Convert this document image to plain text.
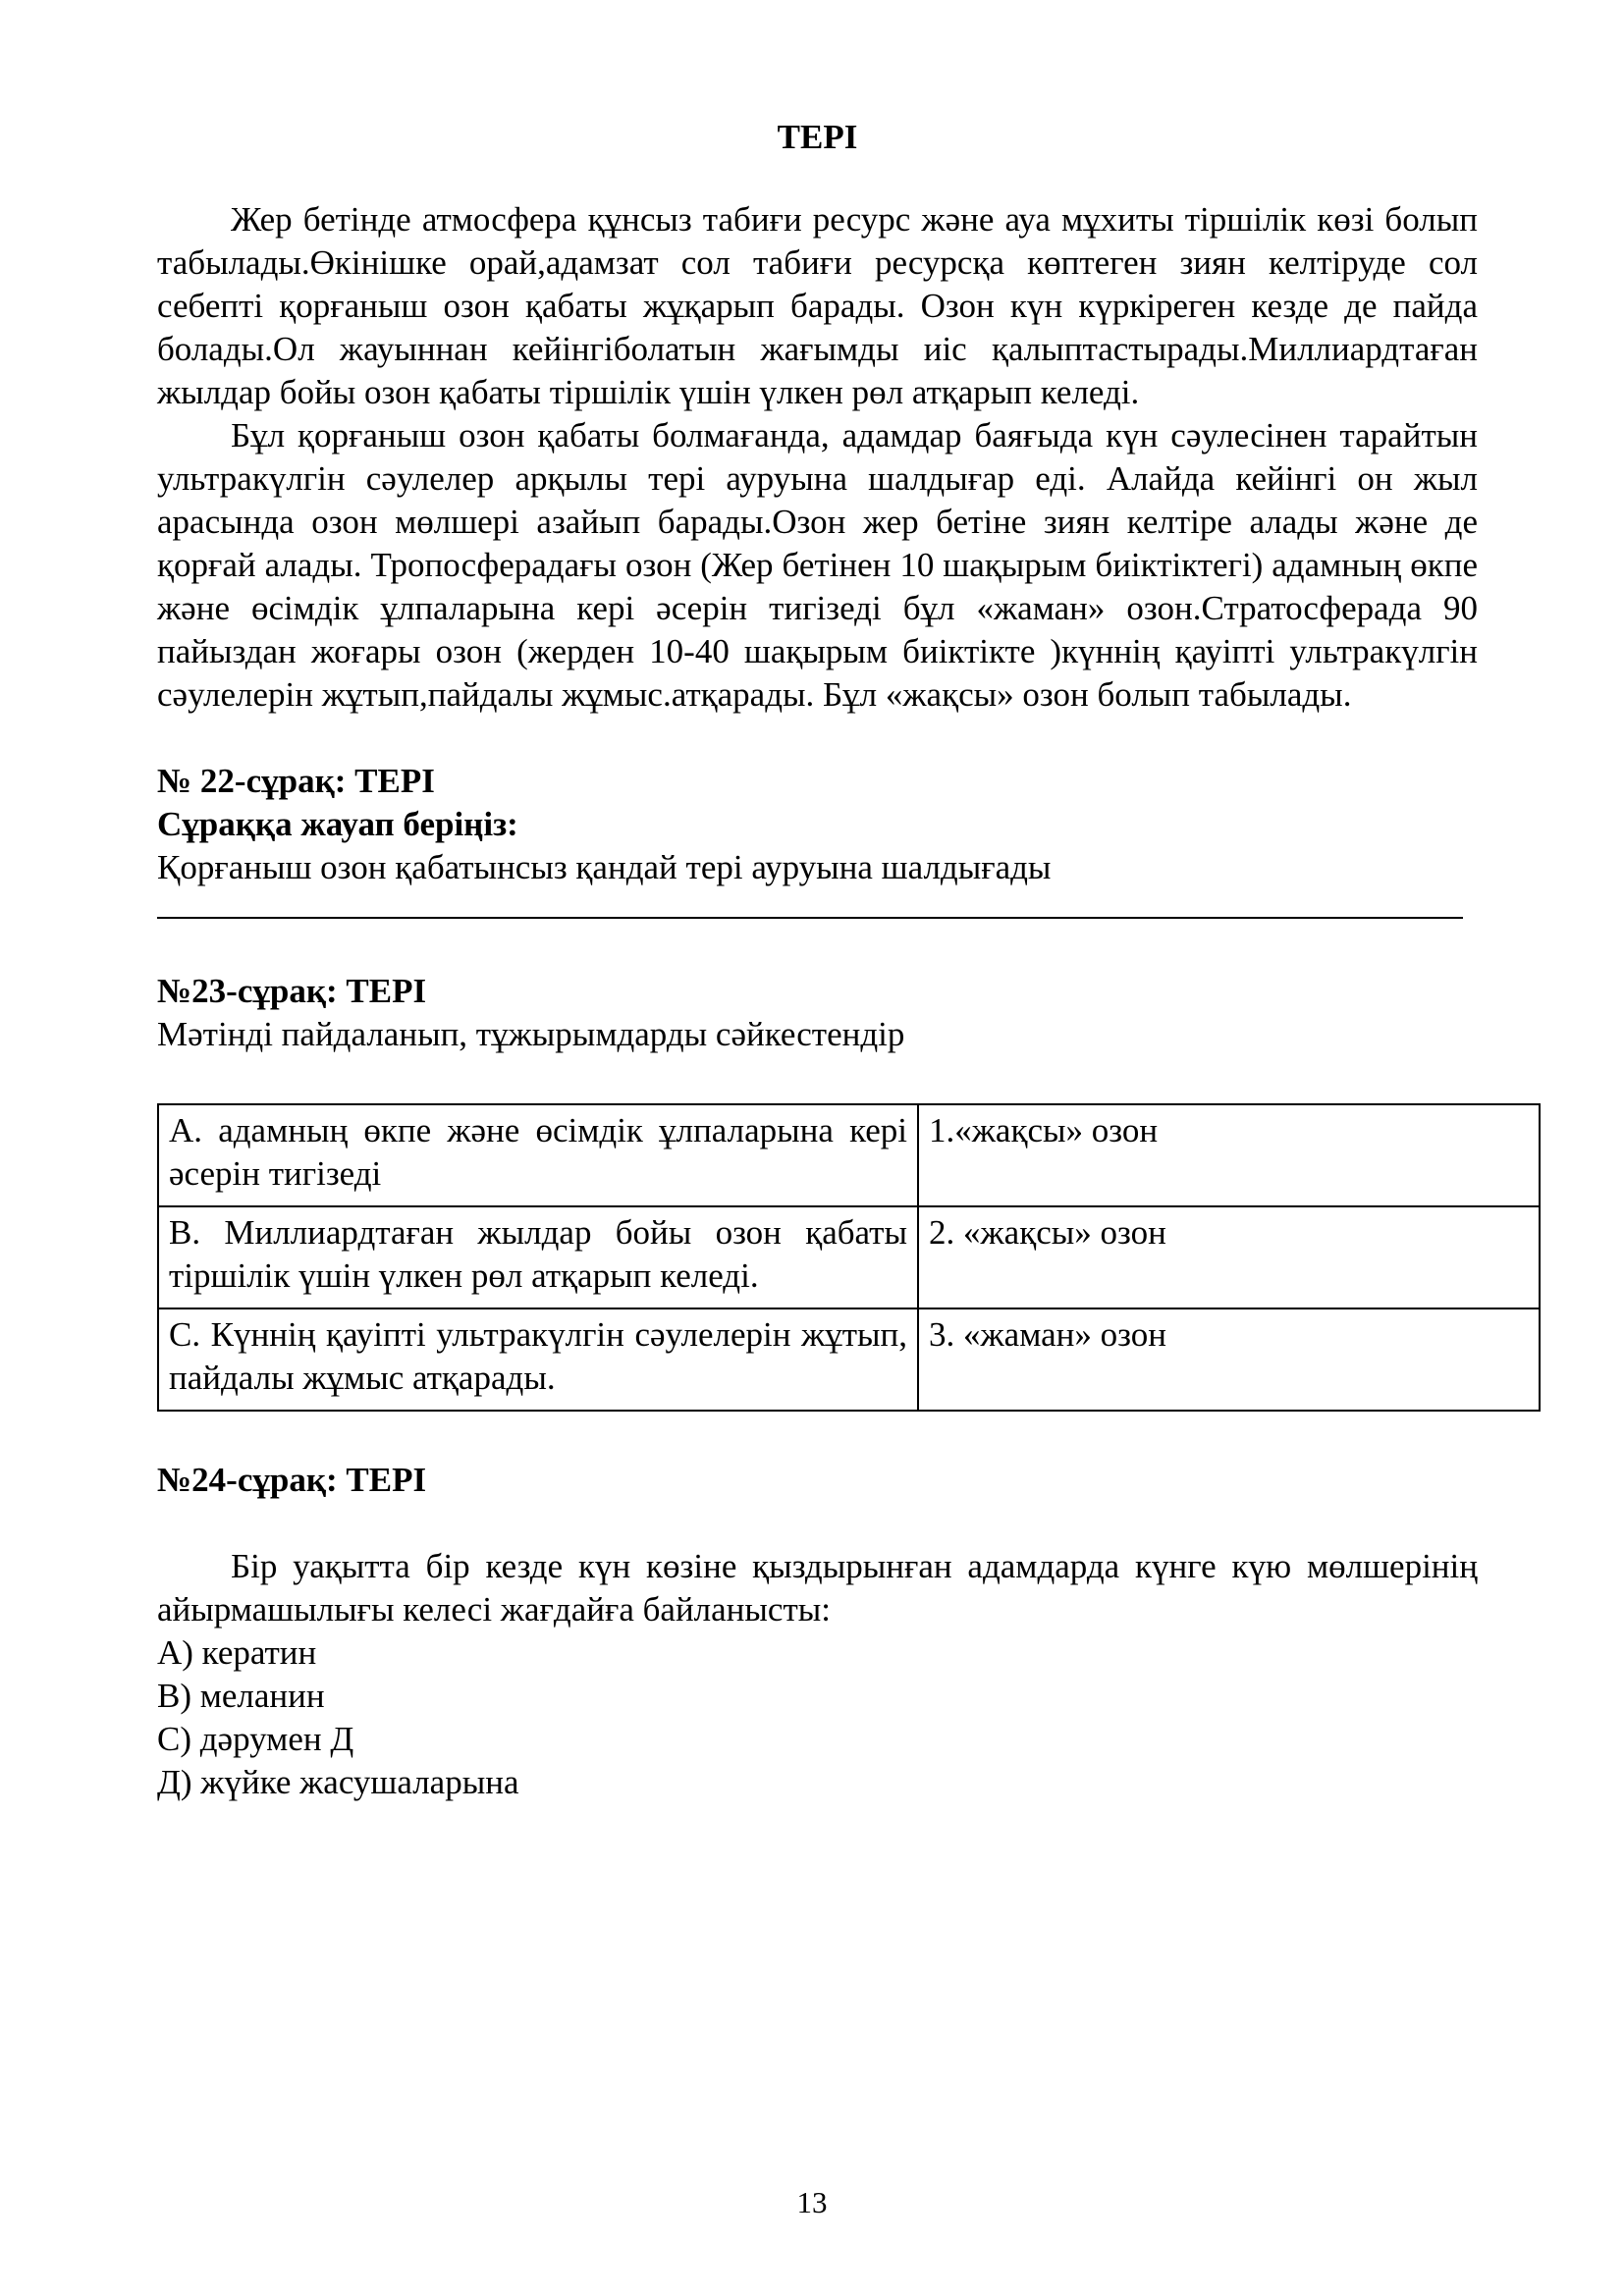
ТЕРІ

Жер бетінде атмосфера құнсыз табиғи ресурс және ауа мұхиты тіршілік көзі болып табылады.Өкінішке орай,адамзат сол табиғи ресурсқа көптеген зиян келтіруде сол себепті қорғаныш озон қабаты жұқарып барады. Озон күн күркіреген кезде де пайда болады.Ол жауыннан кейінгіболатын жағымды иіс қалыптастырады.Миллиардтаған жылдар бойы озон қабаты тіршілік үшін үлкен рөл атқарып келеді.

Бұл қорғаныш озон қабаты болмағанда, адамдар баяғыда күн сәулесінен тарайтын ультракүлгін сәулелер арқылы тері ауруына шалдығар еді. Алайда кейінгі он жыл арасында озон мөлшері азайып барады.Озон жер бетіне зиян келтіре алады және де қорғай алады. Тропосферадағы озон (Жер бетінен 10 шақырым биіктіктегі) адамның өкпе және өсімдік ұлпаларына кері әсерін тигізеді бұл «жаман» озон.Стратосферада 90 пайыздан жоғары озон (жерден 10-40 шақырым биіктікте )күннің қауіпті ультракүлгін сәулелерін жұтып,пайдалы жұмыс.атқарады. Бұл «жақсы» озон болып табылады.

№ 22-сұрақ: ТЕРІ

Сұраққа жауап беріңіз:

Қорғаныш озон қабатынсыз қандай тері ауруына шалдығады

№23-сұрақ: ТЕРІ

Мәтінді пайдаланып, тұжырымдарды сәйкестендір

А. адамның өкпе және өсімдік ұлпаларына кері әсерін тигізеді	1.«жақсы» озон
В. Миллиардтаған жылдар бойы озон қабаты тіршілік үшін үлкен рөл атқарып келеді.	2. «жақсы» озон
С. Күннің қауіпті ультракүлгін сәулелерін жұтып, пайдалы жұмыс атқарады.	3. «жаман» озон

№24-сұрақ: ТЕРІ

Бір уақытта бір кезде күн көзіне қыздырынған адамдарда күнге күю мөлшерінің айырмашылығы келесі жағдайға байланысты:

А) кератин

В) меланин

С) дәрумен Д

Д) жүйке жасушаларына

13
